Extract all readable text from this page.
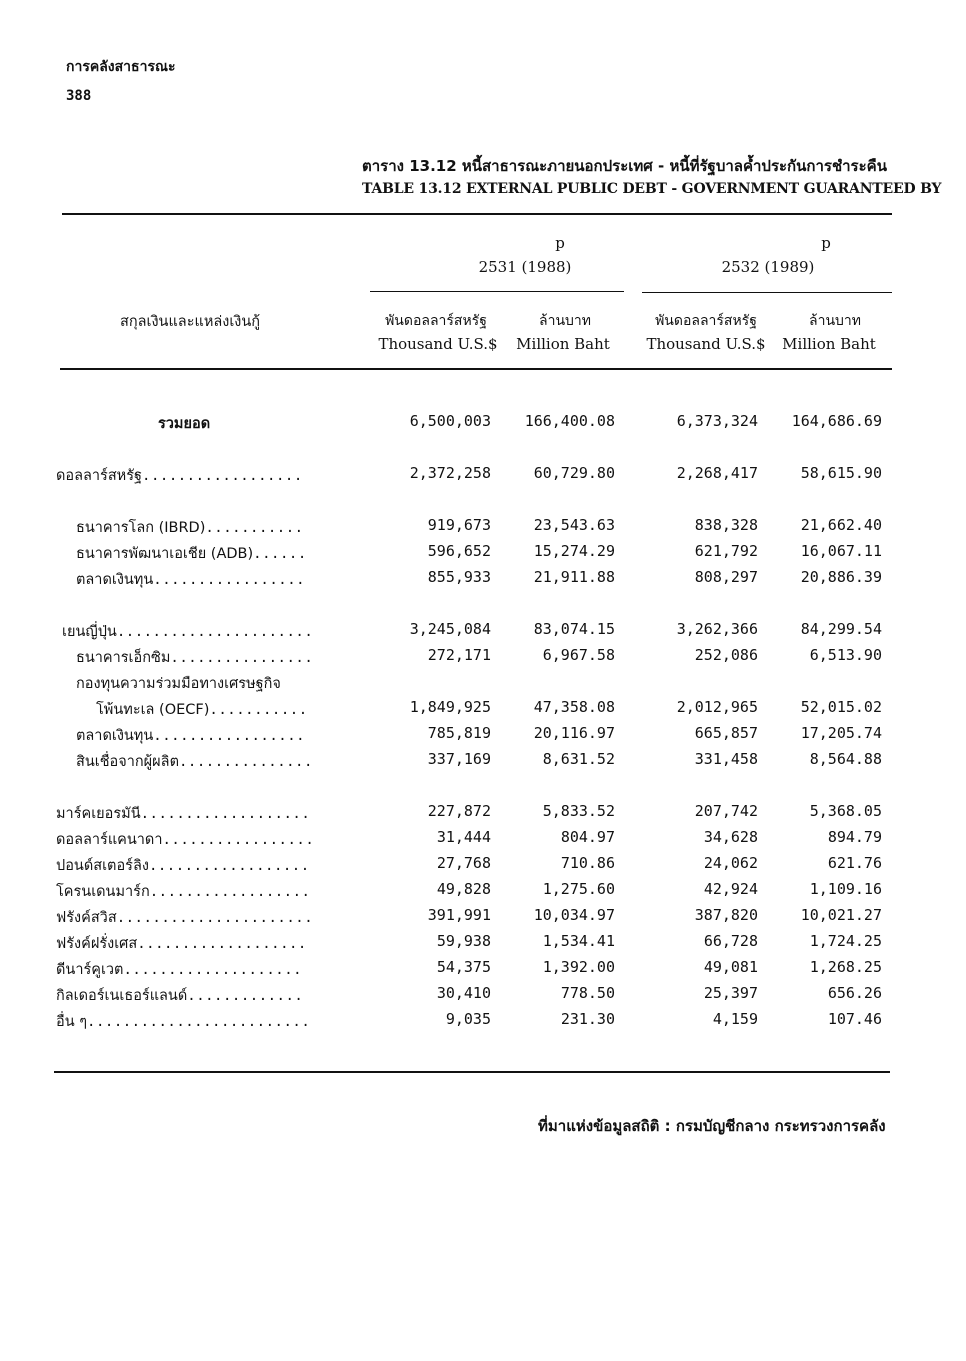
การคลังสาธารณะ
388
ตาราง 13.12 หนี้สาธารณะภายนอกประเทศ - หนี้ที่รัฐบาลค้ำประกันการชำระคืน
TABLE 13.12 EXTERNAL PUBLIC DEBT - GOVERNMENT GUARANTEED BY
p
2531 (1988)
p
2532 (1989)
สกุลเงินและแหล่งเงินกู้	พันดอลลาร์สหรัฐ	ล้านบาท	พันดอลลาร์สหรัฐ	ล้านบาท
Thousand U.S.$	Million Baht	Thousand U.S.$	Million Baht
รวมยอด	6,500,003 166,400.08	6,373,324 164,686.69
ดอลลาร์สหรัฐ..................	2,372,258	60,729.80	2,268,417	58,615.90
ธนาคารโลก (IBRD)...........	919,673	23,543.63	838,328	21,662.40
ธนาคารพัฒนาเอเชีย (ADB)......	596,652	15,274.29	621,792	16,067.11
ตลาดเงินทุน.................	855,933	21,911.88	808,297	20,886.39
เยนญี่ปุ่น......................	3,245,084	83,074.15	3,262,366	84,299.54
ธนาคารเอ็กซิม................	272,171	6,967.58	252,086	6,513.90
กองทุนความร่วมมือทางเศรษฐกิจ
โพ้นทะเล (OECF)...........	1,849,925	47,358.08	2,012,965	52,015.02
ตลาดเงินทุน.................	785,819	20,116.97	665,857	17,205.74
สินเชื่อจากผู้ผลิต...............	337,169	8,631.52	331,458	8,564.88
มาร์คเยอรมันี...................	227,872	5,833.52	207,742	5,368.05
ดอลลาร์แคนาดา.................	31,444	804.97	34,628	894.79
ปอนด์สเตอร์ลิง..................	27,768	710.86	24,062	621.76
โครนเดนมาร์ก..................	49,828	1,275.60	42,924	1,109.16
ฟรังค์สวิส......................	391,991	10,034.97	387,820	10,021.27
ฟรังค์ฝรั่งเศส...................	59,938	1,534.41	66,728	1,724.25
ดีนาร์คูเวต....................	54,375	1,392.00	49,081	1,268.25
กิลเดอร์เนเธอร์แลนด์.............	30,410	778.50	25,397	656.26
อื่น ๆ.........................	9,035	231.30	4,159	107.46
ที่มาแห่งข้อมูลสถิติ : กรมบัญชีกลาง กระทรวงการคลัง
